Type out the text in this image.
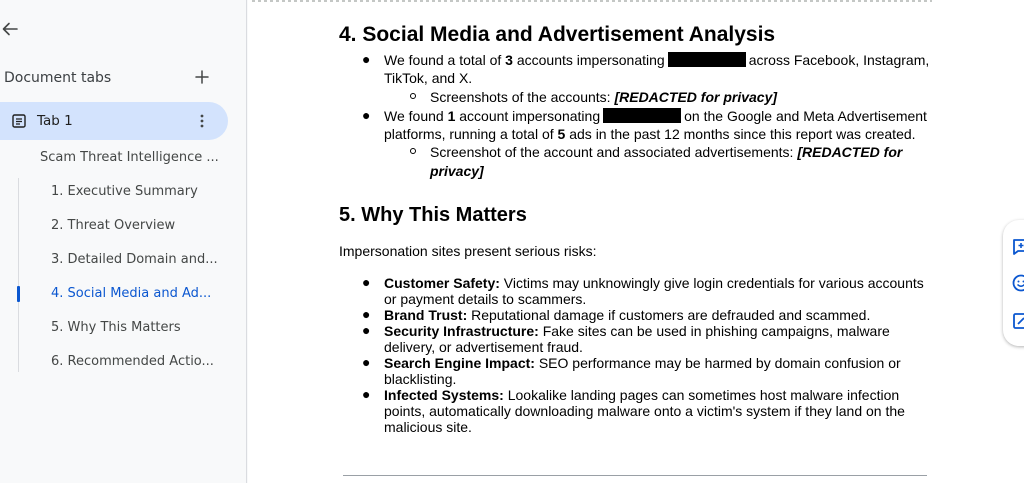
Document tabs
Tab 1
Scam Threat Intelligence ...
1. Executive Summary
2. Threat Overview
3. Detailed Domain and...
4. Social Media and Ad...
5. Why This Matters
6. Recommended Actio...
4. Social Media and Advertisement Analysis
● We found a total of 3 accounts impersonating	across Facebook, Instagram,
TikTok, and X.
Screenshots of the accounts: [REDACTED for privacy]
● We found 1 account impersonating	on the Google and Meta Advertisement
platforms, running a total of 5 ads in the past 12 months since this report was created.
Screenshot of the account and associated advertisements: [REDACTED for
privacy]
5. Why This Matters
Impersonation sites present serious risks:
● Customer Safety: Victims may unknowingly give login credentials for various accounts
or payment details to scammers.
● Brand Trust: Reputational damage if customers are defrauded and scammed.
● Security Infrastructure: Fake sites can be used in phishing campaigns, malware
delivery, or advertisement fraud.
● Search Engine Impact: SEO performance may be harmed by domain confusion or
blacklisting.
● Infected Systems: Lookalike landing pages can sometimes host malware infection
points, automatically downloading malware onto a victim's system if they land on the
malicious site.
